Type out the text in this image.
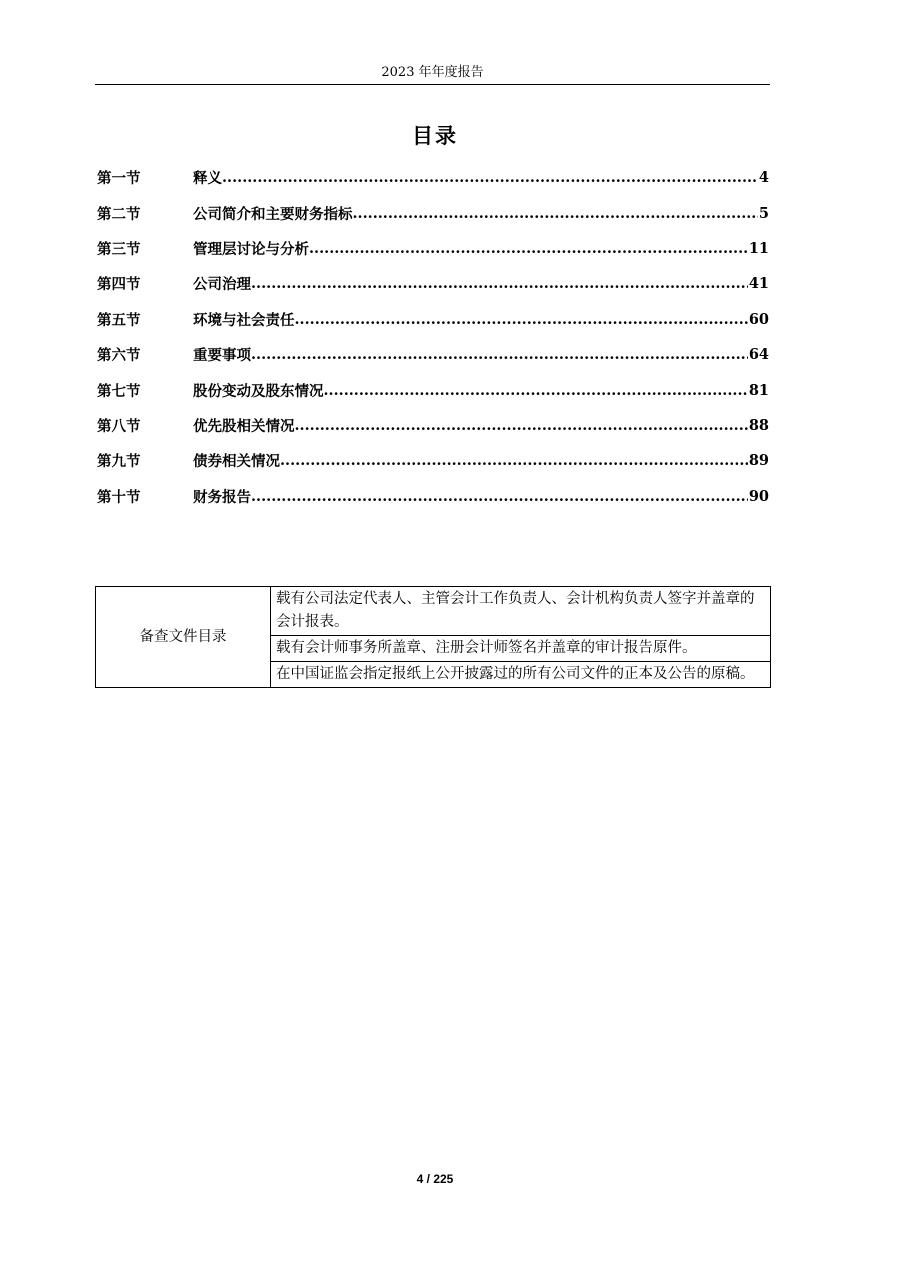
2023 年年度报告
目录
第一节	释义 .....	4
第二节	公司简介和主要财务指标 .....	5
第三节	管理层讨论与分析 .....	11
第四节	公司治理 .....	41
第五节	环境与社会责任 .....	60
第六节	重要事项 .....	64
第七节	股份变动及股东情况 .....	81
第八节	优先股相关情况 .....	88
第九节	债券相关情况 .....	89
第十节	财务报告 .....	90
备查文件目录	载有公司法定代表人、主管会计工作负责人、会计机构负责人签字并盖章的会计报表。
载有会计师事务所盖章、注册会计师签名并盖章的审计报告原件。
在中国证监会指定报纸上公开披露过的所有公司文件的正本及公告的原稿。
4 / 225
